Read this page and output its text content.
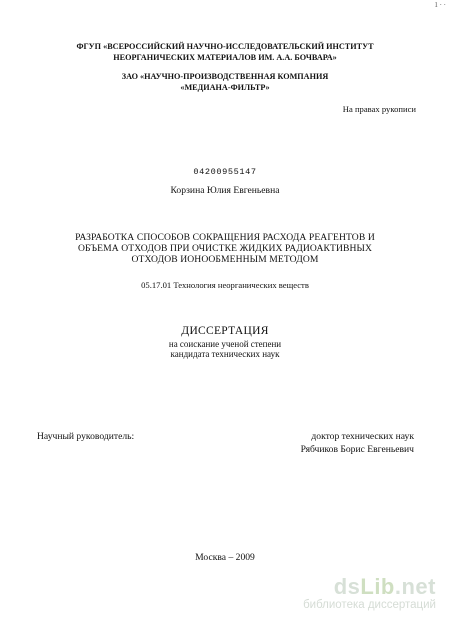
1 · ·
ФГУП «ВСЕРОССИЙСКИЙ НАУЧНО-ИССЛЕДОВАТЕЛЬСКИЙ ИНСТИТУТ
НЕОРГАНИЧЕСКИХ МАТЕРИАЛОВ ИМ. А.А. БОЧВАРА»
ЗАО «НАУЧНО-ПРОИЗВОДСТВЕННАЯ КОМПАНИЯ
«МЕДИАНА-ФИЛЬТР»
На правах рукописи
04200955147
Корзина Юлия Евгеньевна
РАЗРАБОТКА СПОСОБОВ СОКРАЩЕНИЯ РАСХОДА РЕАГЕНТОВ И
ОБЪЕМА ОТХОДОВ ПРИ ОЧИСТКЕ ЖИДКИХ РАДИОАКТИВНЫХ
ОТХОДОВ ИОНООБМЕННЫМ МЕТОДОМ
05.17.01 Технология неорганических веществ
ДИССЕРТАЦИЯ
на соискание ученой степени
кандидата технических наук
Научный руководитель:	доктор технических наук
Рябчиков Борис Евгеньевич
Москва – 2009
dsLib.net
библиотека диссертаций
